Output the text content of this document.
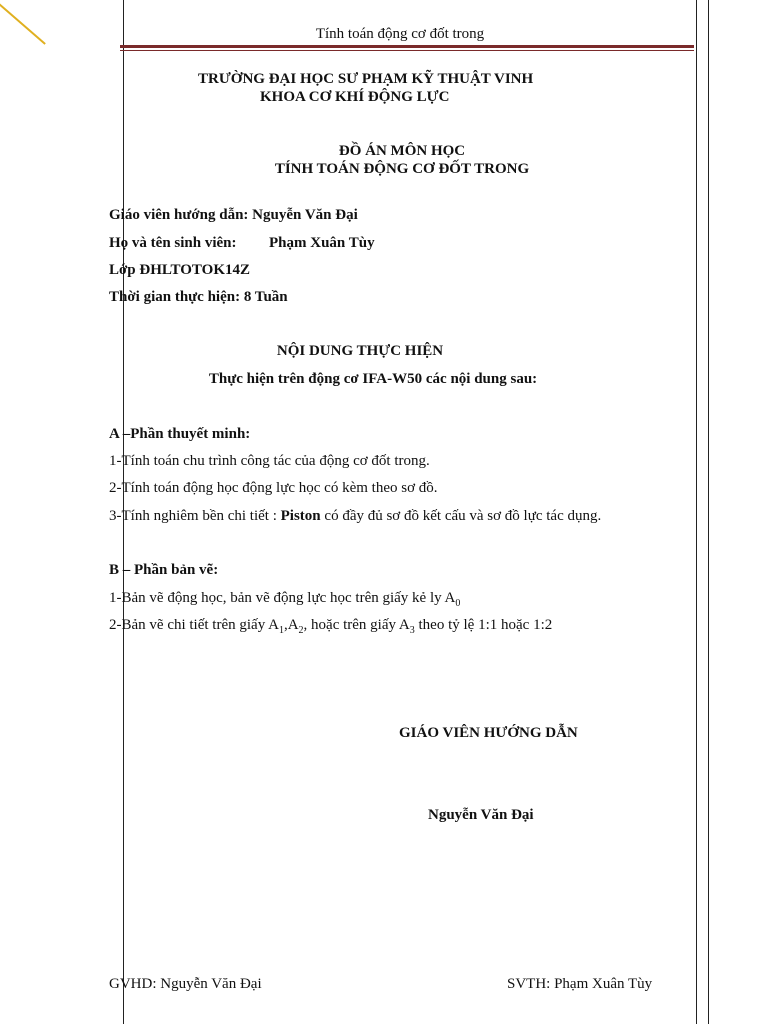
Tính toán động cơ đốt trong
TRƯỜNG ĐẠI HỌC SƯ PHẠM KỸ THUẬT VINH
KHOA CƠ KHÍ ĐỘNG LỰC
ĐỒ ÁN MÔN HỌC
TÍNH TOÁN ĐỘNG CƠ ĐỐT TRONG
Giáo viên hướng dẫn: Nguyễn Văn Đại
Họ và tên sinh viên: Phạm Xuân Tùy
Lớp ĐHLTOTOK14Z
Thời gian thực hiện: 8 Tuần
NỘI DUNG THỰC HIỆN
Thực hiện trên động cơ IFA-W50 các nội dung sau:
A –Phần thuyết minh:
1-Tính toán chu trình công tác của động cơ đốt trong.
2-Tính toán động học động lực học có kèm theo sơ đồ.
3-Tính nghiêm bền chi tiết : Piston có đầy đủ sơ đồ kết cấu và sơ đồ lực tác dụng.
B – Phần bản vẽ:
1-Bản vẽ động học, bản vẽ động lực học trên giấy kẻ ly $A_0$
2-Bản vẽ chi tiết trên giấy $A_1,A_2$, hoặc trên giấy $A_3$ theo tỷ lệ 1:1 hoặc 1:2
GIÁO VIÊN HƯỚNG DẪN
Nguyễn Văn Đại
GVHD: Nguyễn Văn Đại	SVTH: Phạm Xuân Tùy
